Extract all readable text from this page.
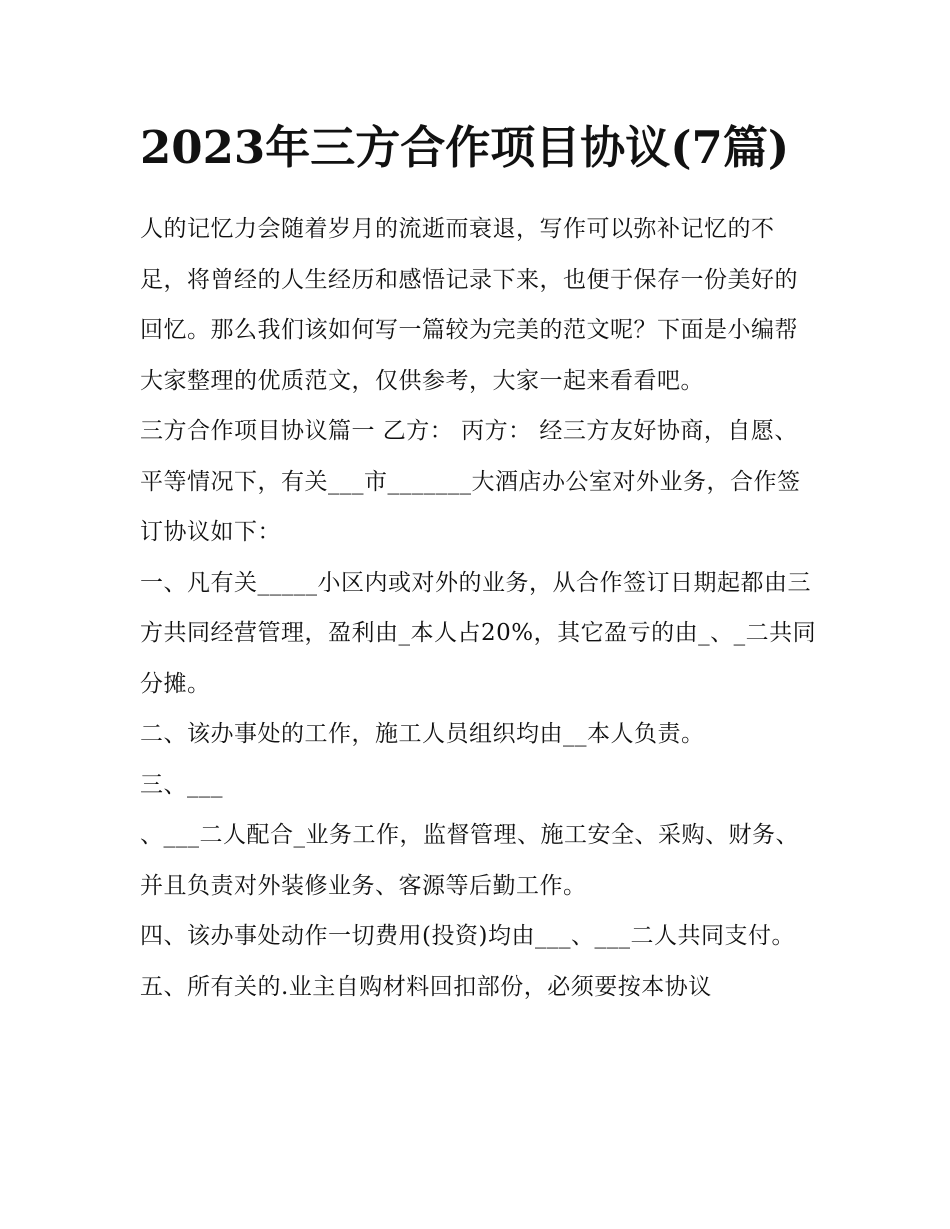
2023年三方合作项目协议(7篇)

人的记忆力会随着岁月的流逝而衰退，写作可以弥补记忆的不足，将曾经的人生经历和感悟记录下来，也便于保存一份美好的回忆。那么我们该如何写一篇较为完美的范文呢？下面是小编帮大家整理的优质范文，仅供参考，大家一起来看看吧。

三方合作项目协议篇一 乙方： 丙方： 经三方友好协商，自愿、平等情况下，有关___市_______大酒店办公室对外业务，合作签订协议如下：

一、凡有关_____小区内或对外的业务，从合作签订日期起都由三方共同经营管理，盈利由_本人占20%，其它盈亏的由_、_二共同分摊。

二、该办事处的工作，施工人员组织均由__本人负责。

三、___

、___二人配合_业务工作，监督管理、施工安全、采购、财务、并且负责对外装修业务、客源等后勤工作。

四、该办事处动作一切费用(投资)均由___、___二人共同支付。 五、所有关的.业主自购材料回扣部份，必须要按本协议
